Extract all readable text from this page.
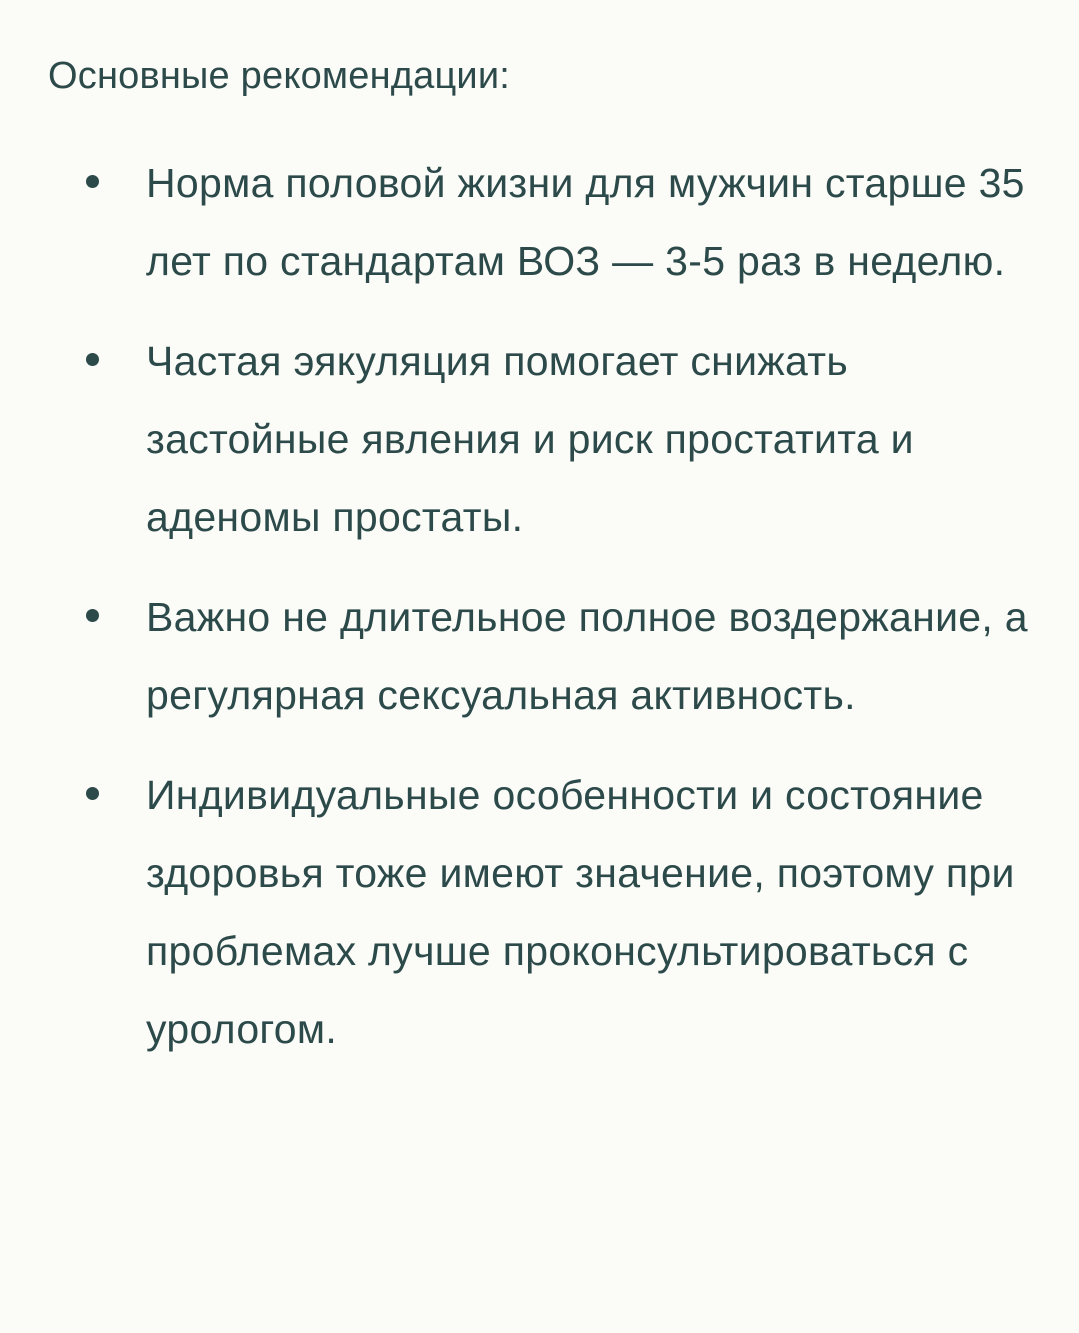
Основные рекомендации:

Норма половой жизни для мужчин старше 35 лет по стандартам ВОЗ — 3-5 раз в неделю.
Частая эякуляция помогает снижать застойные явления и риск простатита и аденомы простаты.
Важно не длительное полное воздержание, а регулярная сексуальная активность.
Индивидуальные особенности и состояние здоровья тоже имеют значение, поэтому при проблемах лучше проконсультироваться с урологом.
